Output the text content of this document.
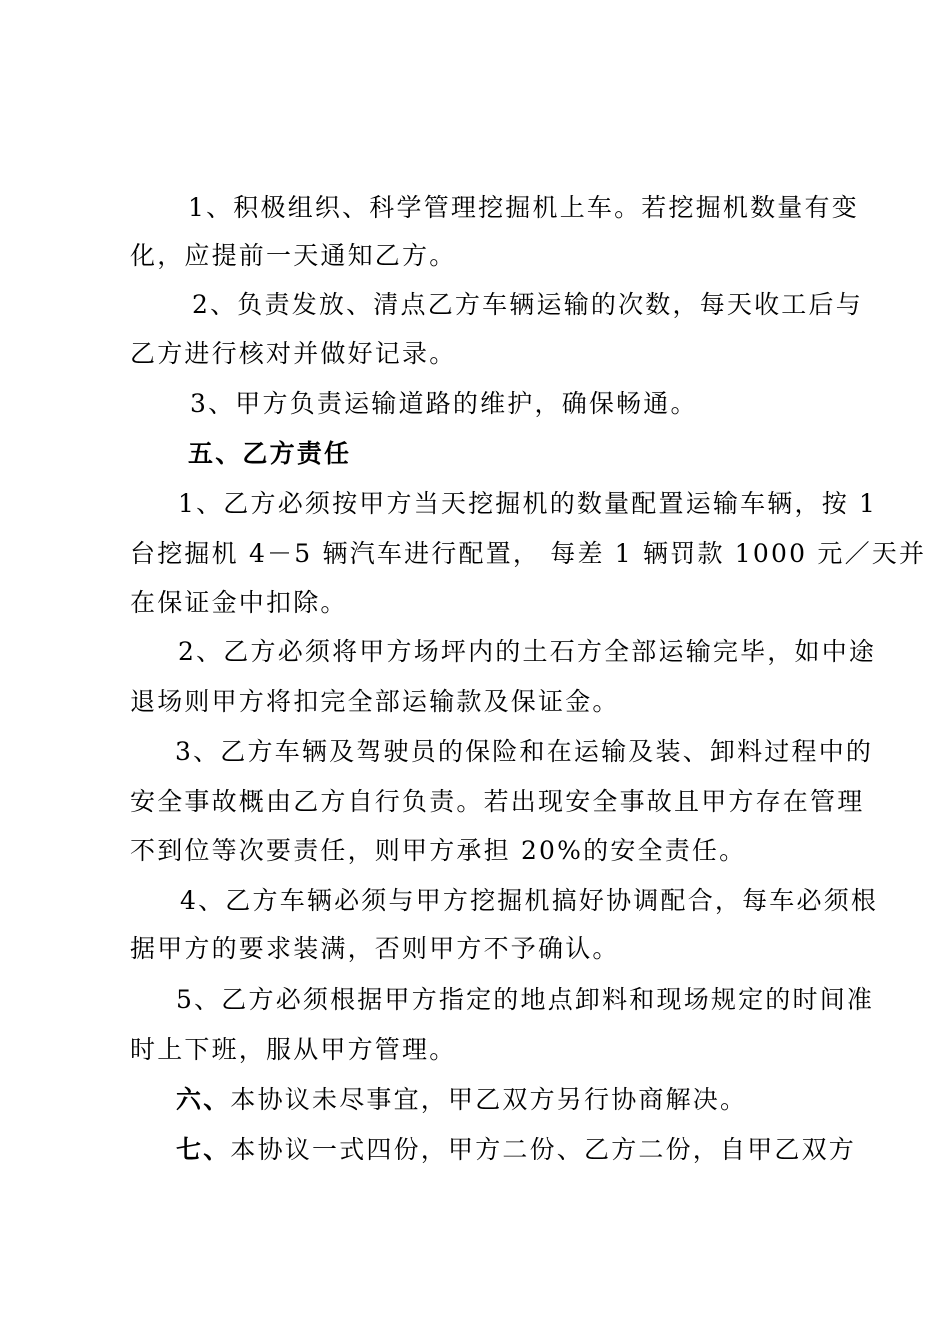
1、积极组织、科学管理挖掘机上车。若挖掘机数量有变
化，应提前一天通知乙方。
2、负责发放、清点乙方车辆运输的次数，每天收工后与
乙方进行核对并做好记录。
3、甲方负责运输道路的维护，确保畅通。
五、乙方责任
1、乙方必须按甲方当天挖掘机的数量配置运输车辆，按 1
台挖掘机 4－5 辆汽车进行配置， 每差 1 辆罚款 1000 元／天并
在保证金中扣除。
2、乙方必须将甲方场坪内的土石方全部运输完毕，如中途
退场则甲方将扣完全部运输款及保证金。
3、乙方车辆及驾驶员的保险和在运输及装、卸料过程中的
安全事故概由乙方自行负责。若出现安全事故且甲方存在管理
不到位等次要责任，则甲方承担 20%的安全责任。
4、乙方车辆必须与甲方挖掘机搞好协调配合，每车必须根
据甲方的要求装满，否则甲方不予确认。
5、乙方必须根据甲方指定的地点卸料和现场规定的时间准
时上下班，服从甲方管理。
六、本协议未尽事宜，甲乙双方另行协商解决。
七、本协议一式四份，甲方二份、乙方二份，自甲乙双方
